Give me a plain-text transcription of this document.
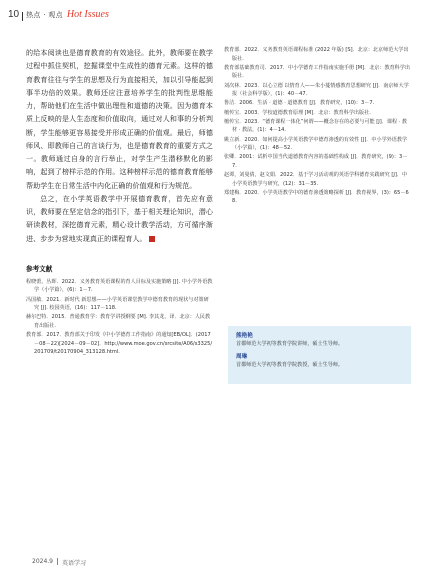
10 热点 · 观点 Hot Issues

的给本阅读也是德育教育的有效途径。此外，教师要在教学过程中抓住契机，挖掘课堂中生成性的德育元素。这样的德育教育往往与学生的思想及行为直接相关，加以引导能起到事半功倍的效果。教师还应注意培养学生的批判性思维能力，帮助他们在生活中做出理性和道德的决策。因为德育本质上反映的是人生态度和价值取向，通过对人和事的分析判断，学生能够更容易接受并形成正确的价值观。最后，师德师风、即教师自己的言谈行为，也是德育教育的重要方式之一。教师通过自身的言行举止，对学生产生潜移默化的影响，起到了榜样示范的作用。这种榜样示范的德育教育能够帮助学生在日常生活中内化正确的价值观和行为规范。

总之，在小学英语教学中开展德育教育，首先应有意识，教师要在坚定信念的指引下，基于相关理论知识，潜心研读教材，深挖德育元素，精心设计教学活动，方可循序渐进、步步为营地实现真正的课程育人。

参考文献
程晓蕾，丛晖．2022．义务教育英语课程的育人目标及实施策略 [J]. 中小学外语教学（小学篇），(6)：1－7.
冯国敏．2021．新时代 新思想——小学英语课堂教学中德育教育的现状与对策研究 [J]. 校园英语，(16)：117－118.
赫尔巴特．2015．普通教育学：教育学讲授纲要 [M]. 李其龙，译．北京：人民教育出版社.
教育部．2017．教育部关于印发《中小学德育工作指南》的通知[EB/OL]．(2017－08－22)[2024－09－02]．http://www.moe.gov.cn/srcsite/A06/s3325/201709/t20170904_313128.html.
教育部．2022．义务教育英语课程标准 (2022 年版) [S]．北京：北京师范大学出版社.
教育部基础教育司．2017．中小学德育工作指南实施手册 [M]．北京：教育科学出版社.
刘次林．2023．以心立德 以情育人——朱小蔓情感教育思想研究 [J]．南京师大学报（社会科学版），(1)：40－47.
鲁洁．2006．生活 · 道德 · 道德教育 [J]．教育研究，(10)：3－7.
檀传宝．2003．学校道德教育原理 [M]．北京：教育科学出版社.
檀传宝．2023．“德育课程一体化”何谓——概念存在的必要与可能 [J]．课程 · 教材 · 教法，(1)：4－14.
姚立新．2020．如何提高小学英语教学中德育渗透的有效性 [J]．中小学外语教学（小学篇），(1)：48－52.
张卿．2001：试析中国当代道德教育内容的基础性构成 [J]．教育研究，(9)：3－7.
赵谭，刘曼倩，赵文娟．2022．基于学习活动观的英语学科德育实践研究 [J]．中小学英语教学与研究，(12)：31－35.
郑建梅．2020．小学英语教学中的德育渗透策略探析 [J]．教育视界，(3)：65－68.
熊艳艳
首都师范大学初等教育学院讲师，硕士生导师。
周琳
首都师范大学初等教育学院教授，硕士生导师。
2024.9 英语学习
